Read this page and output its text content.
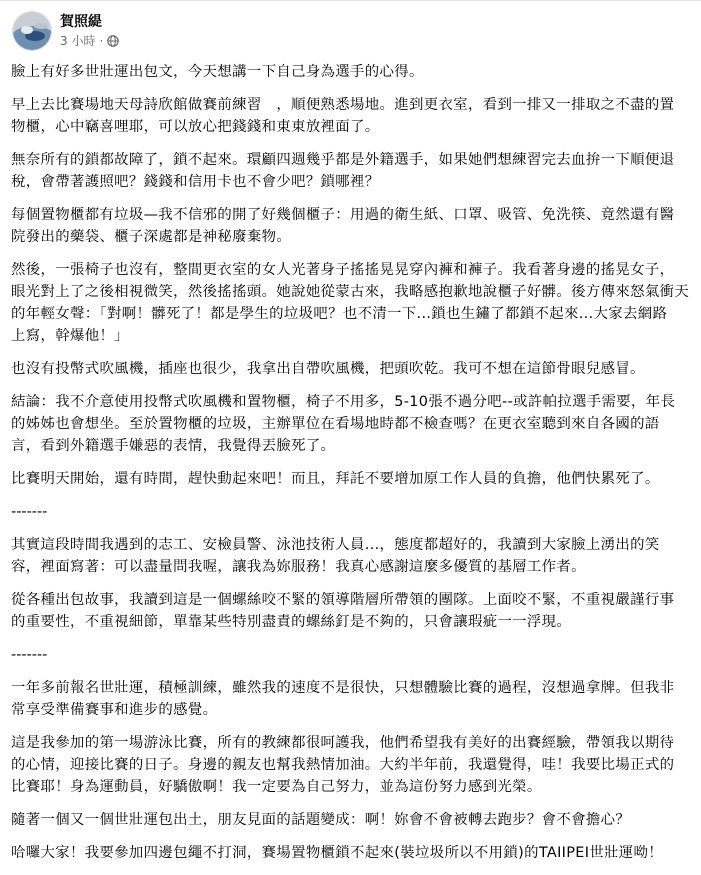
賀照緹
3 小時 ·

臉上有好多世壯運出包文，今天想講一下自己身為選手的心得。

早上去比賽場地天母詩欣館做賽前練習　，順便熟悉場地。進到更衣室，看到一排又一排取之不盡的置
物櫃，心中竊喜哩耶，可以放心把錢錢和東東放裡面了。

無奈所有的鎖都故障了，鎖不起來。環顧四週幾乎都是外籍選手，如果她們想練習完去血拚一下順便退
稅，會帶著護照吧？錢錢和信用卡也不會少吧？鎖哪裡？

每個置物櫃都有垃圾—我不信邪的開了好幾個櫃子：用過的衛生紙、口罩、吸管、免洗筷、竟然還有醫
院發出的藥袋、櫃子深處都是神秘廢棄物。

然後，一張椅子也沒有，整間更衣室的女人光著身子搖搖晃晃穿內褲和褲子。我看著身邊的搖晃女子，
眼光對上了之後相視微笑，然後搖搖頭。她說她從蒙古來，我略感抱歉地說櫃子好髒。後方傳來怒氣衝天
的年輕女聲：「對啊！髒死了！都是學生的垃圾吧？也不清一下...鎖也生鏽了都鎖不起來...大家去網路
上寫，幹爆他！」

也沒有投幣式吹風機，插座也很少，我拿出自帶吹風機，把頭吹乾。我可不想在這節骨眼兒感冒。

結論：我不介意使用投幣式吹風機和置物櫃，椅子不用多，5-10張不過分吧--或許帕拉選手需要，年長
的姊姊也會想坐。至於置物櫃的垃圾，主辦單位在看場地時都不檢查嗎？在更衣室聽到來自各國的語
言，看到外籍選手嫌惡的表情，我覺得丟臉死了。

比賽明天開始，還有時間，趕快動起來吧！而且，拜託不要增加原工作人員的負擔，他們快累死了。

-------

其實這段時間我遇到的志工、安檢員警、泳池技術人員...，態度都超好的，我讀到大家臉上湧出的笑
容，裡面寫著：可以盡量問我喔，讓我為妳服務！我真心感謝這麼多優質的基層工作者。

從各種出包故事，我讀到這是一個螺絲咬不緊的領導階層所帶領的團隊。上面咬不緊，不重視嚴謹行事
的重要性，不重視細節，單靠某些特別盡責的螺絲釘是不夠的，只會讓瑕疵一一浮現。

-------

一年多前報名世壯運，積極訓練，雖然我的速度不是很快，只想體驗比賽的過程，沒想過拿牌。但我非
常享受準備賽事和進步的感覺。

這是我參加的第一場游泳比賽，所有的教練都很呵護我，他們希望我有美好的出賽經驗，帶領我以期待
的心情，迎接比賽的日子。身邊的親友也幫我熱情加油。大約半年前，我還覺得，哇！我要比場正式的
比賽耶！身為運動員，好驕傲啊！我一定要為自己努力，並為這份努力感到光榮。

隨著一個又一個世壯運包出土，朋友見面的話題變成：啊！妳會不會被轉去跑步？會不會擔心？

哈囉大家！我要參加四邊包繩不打洞，賽場置物櫃鎖不起來(裝垃圾所以不用鎖)的TAIIPEI世壯運呦！
